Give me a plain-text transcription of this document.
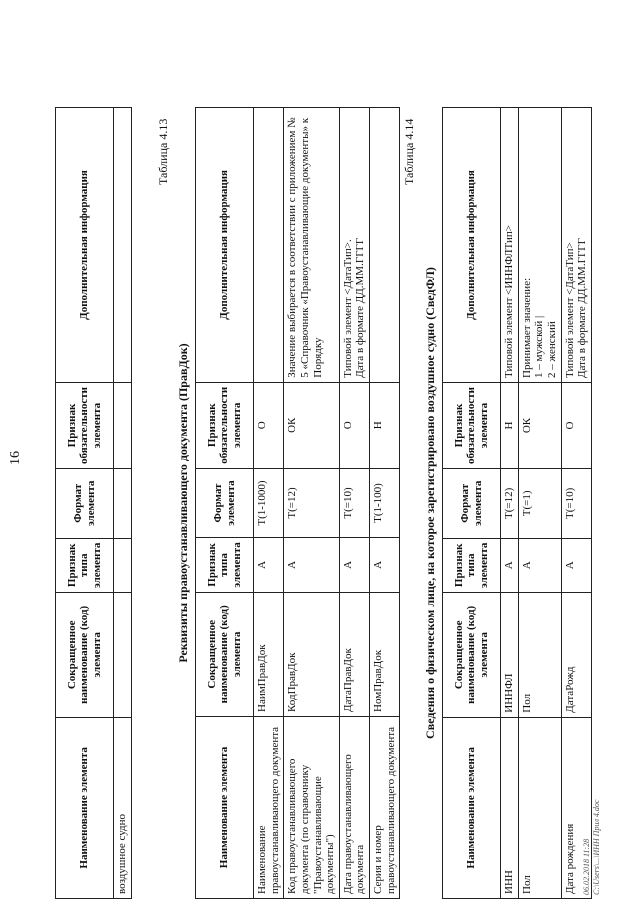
16
Наименование элемента	Сокращенное наименование (код) элемента	Признак типа элемента	Формат элемента	Признак обязательности элемента	Дополнительная информация
воздушное судно					
Таблица 4.13
Реквизиты правоустанавливающего документа (ПравДок)
Наименование элемента	Сокращенное наименование (код) элемента	Признак типа элемента	Формат элемента	Признак обязательности элемента	Дополнительная информация
Наименование правоустанавливающего документа	НаимПравДок	А	Т(1-1000)	О	
Код правоустанавливающего документа (по справочнику "Правоустанавливающие документы")	КодПравДок	А	Т(=12)	ОК	Значение выбирается в соответствии с приложением № 5 «Справочник «Правоустанавливающие документы» к Порядку
Дата правоустанавливающего документа	ДатаПравДок	А	Т(=10)	О	Типовой элемент <ДатаТип>.
Дата в формате ДД.ММ.ГГГГ
Серия и номер правоустанавливающего документа	НомПравДок	А	Т(1-100)	Н	
Таблица 4.14
Сведения о физическом лице, на которое зарегистрировано воздушное судно (СведФЛ)
Наименование элемента	Сокращенное наименование (код) элемента	Признак типа элемента	Формат элемента	Признак обязательности элемента	Дополнительная информация
ИНН	ИННФЛ	А	Т(=12)	Н	Типовой элемент <ИННФЛТип>
Пол	Пол	А	Т(=1)	ОК	Принимает значение:
1 – мужской |
2 – женский
Дата рождения	ДатаРожд	А	Т(=10)	О	Типовой элемент <ДатаТип>
Дата в формате ДД.ММ.ГГГГ
06.02.2018 11:28 C:\Users\...\ИНН Прил 4.doc
